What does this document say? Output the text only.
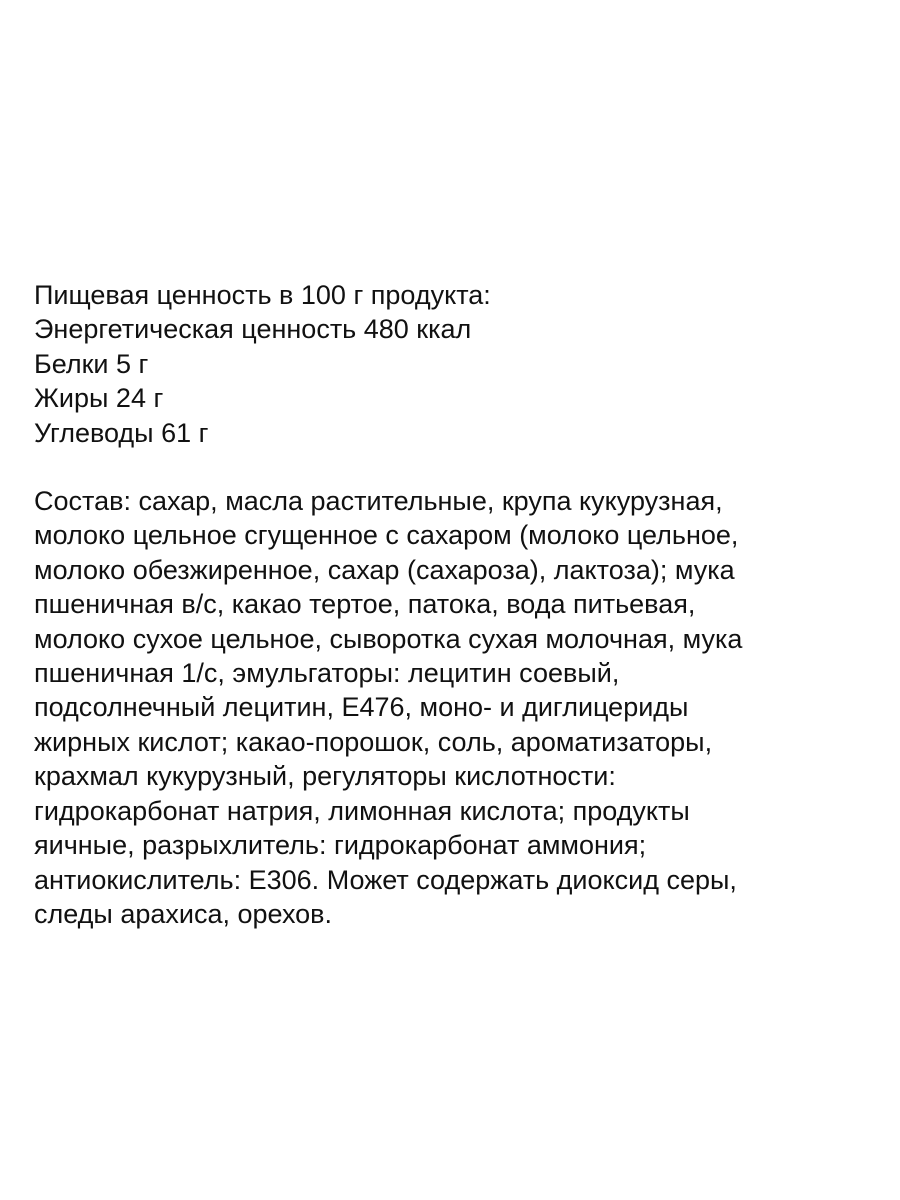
Пищевая ценность в 100 г продукта:

Энергетическая ценность 480 ккал

Белки 5 г

Жиры 24 г

Углеводы 61 г

Состав: сахар, масла растительные, крупа кукурузная,

молоко цельное сгущенное с сахаром (молоко цельное,

молоко обезжиренное, сахар (сахароза), лактоза); мука

пшеничная в/с, какао тертое, патока, вода питьевая,

молоко сухое цельное, сыворотка сухая молочная, мука

пшеничная 1/с, эмульгаторы: лецитин соевый,

подсолнечный лецитин, Е476, моно- и диглицериды

жирных кислот; какао-порошок, соль, ароматизаторы,

крахмал кукурузный, регуляторы кислотности:

гидрокарбонат натрия, лимонная кислота; продукты

яичные, разрыхлитель: гидрокарбонат аммония;

антиокислитель: Е306. Может содержать диоксид серы,

следы арахиса, орехов.
